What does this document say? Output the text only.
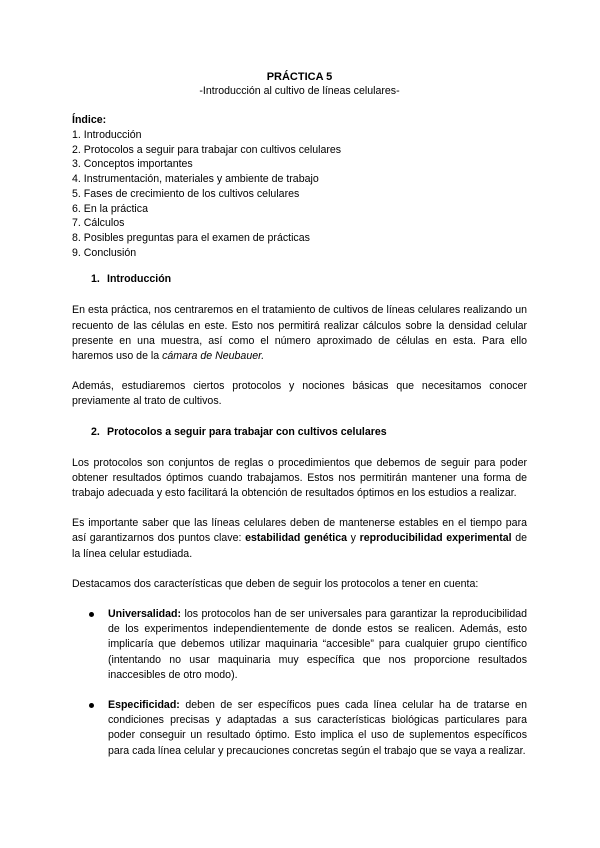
PRÁCTICA 5

-Introducción al cultivo de líneas celulares-

Índice:

1. Introducción
2. Protocolos a seguir para trabajar con cultivos celulares
3. Conceptos importantes
4. Instrumentación, materiales y ambiente de trabajo
5. Fases de crecimiento de los cultivos celulares
6. En la práctica
7. Cálculos
8. Posibles preguntas para el examen de prácticas
9. Conclusión
1. Introducción

En esta práctica, nos centraremos en el tratamiento de cultivos de líneas celulares realizando un recuento de las células en este. Esto nos permitirá realizar cálculos sobre la densidad celular presente en una muestra, así como el número aproximado de células en esta. Para ello haremos uso de la cámara de Neubauer.

Además, estudiaremos ciertos protocolos y nociones básicas que necesitamos conocer previamente al trato de cultivos.

2. Protocolos a seguir para trabajar con cultivos celulares

Los protocolos son conjuntos de reglas o procedimientos que debemos de seguir para poder obtener resultados óptimos cuando trabajamos. Estos nos permitirán mantener una forma de trabajo adecuada y esto facilitará la obtención de resultados óptimos en los estudios a realizar.

Es importante saber que las líneas celulares deben de mantenerse estables en el tiempo para así garantizarnos dos puntos clave: estabilidad genética y reproducibilidad experimental de la línea celular estudiada.

Destacamos dos características que deben de seguir los protocolos a tener en cuenta:

Universalidad: los protocolos han de ser universales para garantizar la reproducibilidad de los experimentos independientemente de donde estos se realicen. Además, esto implicaría que debemos utilizar maquinaria “accesible” para cualquier grupo científico (intentando no usar maquinaria muy específica que nos proporcione resultados inaccesibles de otro modo).

Especificidad: deben de ser específicos pues cada línea celular ha de tratarse en condiciones precisas y adaptadas a sus características biológicas particulares para poder conseguir un resultado óptimo. Esto implica el uso de suplementos específicos para cada línea celular y precauciones concretas según el trabajo que se vaya a realizar.
